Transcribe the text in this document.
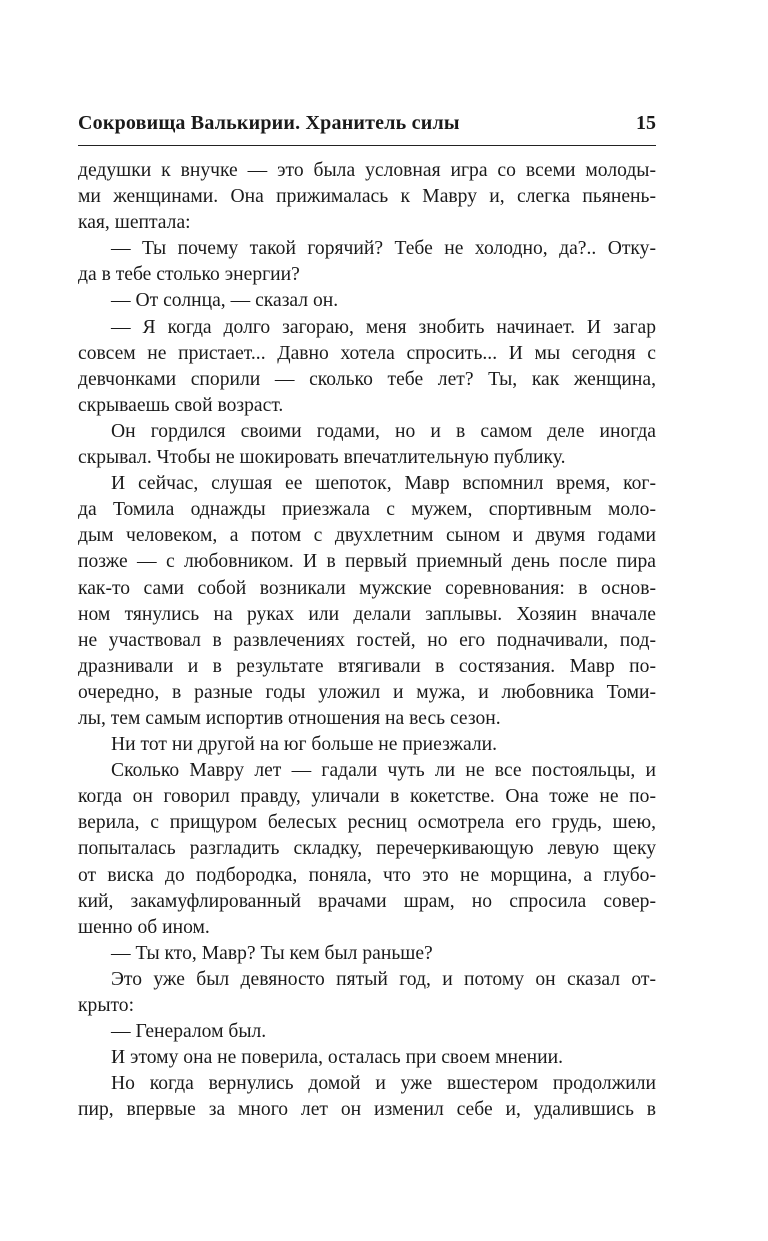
Сокровища Валькирии. Хранитель силы	15
дедушки к внучке — это была условная игра со всеми молоды-
ми женщинами. Она прижималась к Мавру и, слегка пьянень-
кая, шептала:
— Ты почему такой горячий? Тебе не холодно, да?.. Отку-
да в тебе столько энергии?
— От солнца, — сказал он.
— Я когда долго загораю, меня знобить начинает. И загар
совсем не пристает... Давно хотела спросить... И мы сегодня с
девчонками спорили — сколько тебе лет? Ты, как женщина,
скрываешь свой возраст.
Он гордился своими годами, но и в самом деле иногда
скрывал. Чтобы не шокировать впечатлительную публику.
И сейчас, слушая ее шепоток, Мавр вспомнил время, ког-
да Томила однажды приезжала с мужем, спортивным моло-
дым человеком, а потом с двухлетним сыном и двумя годами
позже — с любовником. И в первый приемный день после пира
как-то сами собой возникали мужские соревнования: в основ-
ном тянулись на руках или делали заплывы. Хозяин вначале
не участвовал в развлечениях гостей, но его подначивали, под-
дразнивали и в результате втягивали в состязания. Мавр по-
очередно, в разные годы уложил и мужа, и любовника Томи-
лы, тем самым испортив отношения на весь сезон.
Ни тот ни другой на юг больше не приезжали.
Сколько Мавру лет — гадали чуть ли не все постояльцы, и
когда он говорил правду, уличали в кокетстве. Она тоже не по-
верила, с прищуром белесых ресниц осмотрела его грудь, шею,
попыталась разгладить складку, перечеркивающую левую щеку
от виска до подбородка, поняла, что это не морщина, а глубо-
кий, закамуфлированный врачами шрам, но спросила совер-
шенно об ином.
— Ты кто, Мавр? Ты кем был раньше?
Это уже был девяносто пятый год, и потому он сказал от-
крыто:
— Генералом был.
И этому она не поверила, осталась при своем мнении.
Но когда вернулись домой и уже вшестером продолжили
пир, впервые за много лет он изменил себе и, удалившись в
